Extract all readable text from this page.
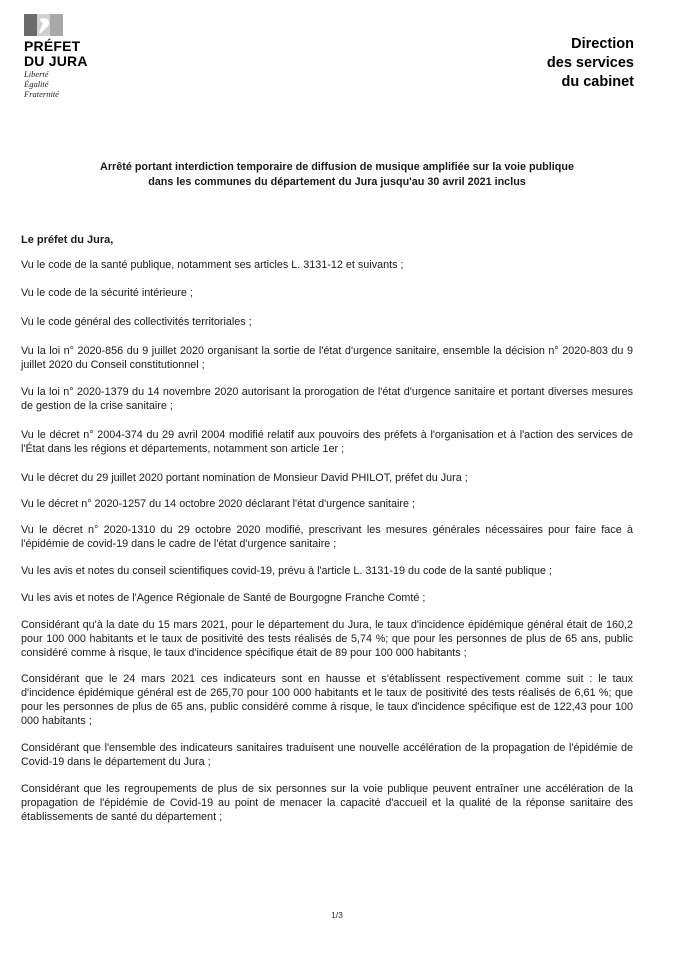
PRÉFET
DU JURA
Liberté
Égalité
Fraternité
Direction
des services
du cabinet
Arrêté portant interdiction temporaire de diffusion de musique amplifiée sur la voie publique
dans les communes du département du Jura jusqu'au 30 avril 2021 inclus

Le préfet du Jura,

Vu le code de la santé publique, notamment ses articles L. 3131-12 et suivants ;

Vu le code de la sécurité intérieure ;

Vu le code général des collectivités territoriales ;

Vu la loi n° 2020-856 du 9 juillet 2020 organisant la sortie de l'état d'urgence sanitaire, ensemble la décision n° 2020-803 du 9 juillet 2020 du Conseil constitutionnel ;

Vu la loi n° 2020-1379 du 14 novembre 2020 autorisant la prorogation de l'état d'urgence sanitaire et portant diverses mesures de gestion de la crise sanitaire ;

Vu le décret n° 2004-374 du 29 avril 2004 modifié relatif aux pouvoirs des préfets à l'organisation et à l'action des services de l'État dans les régions et départements, notamment son article 1er ;

Vu le décret du 29 juillet 2020 portant nomination de Monsieur David PHILOT, préfet du Jura ;

Vu le décret n° 2020-1257 du 14 octobre 2020 déclarant l'état d'urgence sanitaire ;

Vu le décret n° 2020-1310 du 29 octobre 2020 modifié, prescrivant les mesures générales nécessaires pour faire face à l'épidémie de covid-19 dans le cadre de l'état d'urgence sanitaire ;

Vu les avis et notes du conseil scientifiques covid-19, prévu à l'article L. 3131-19 du code de la santé publique ;

Vu les avis et notes de l'Agence Régionale de Santé de Bourgogne Franche Comté ;

Considérant qu'à la date du 15 mars 2021, pour le département du Jura, le taux d'incidence épidémique général était de 160,2 pour 100 000 habitants et le taux de positivité des tests réalisés de 5,74 %; que pour les personnes de plus de 65 ans, public considéré comme à risque, le taux d'incidence spécifique était de 89 pour 100 000 habitants ;

Considérant que le 24 mars 2021 ces indicateurs sont en hausse et s'établissent respectivement comme suit : le taux d'incidence épidémique général est de 265,70 pour 100 000 habitants et le taux de positivité des tests réalisés de 6,61 %; que pour les personnes de plus de 65 ans, public considéré comme à risque, le taux d'incidence spécifique est de 122,43 pour 100 000 habitants ;

Considérant que l'ensemble des indicateurs sanitaires traduisent une nouvelle accélération de la propagation de l'épidémie de Covid-19 dans le département du Jura ;

Considérant que les regroupements de plus de six personnes sur la voie publique peuvent entraîner une accélération de la propagation de l'épidémie de Covid-19 au point de menacer la capacité d'accueil et la qualité de la réponse sanitaire des établissements de santé du département ;

1/3
